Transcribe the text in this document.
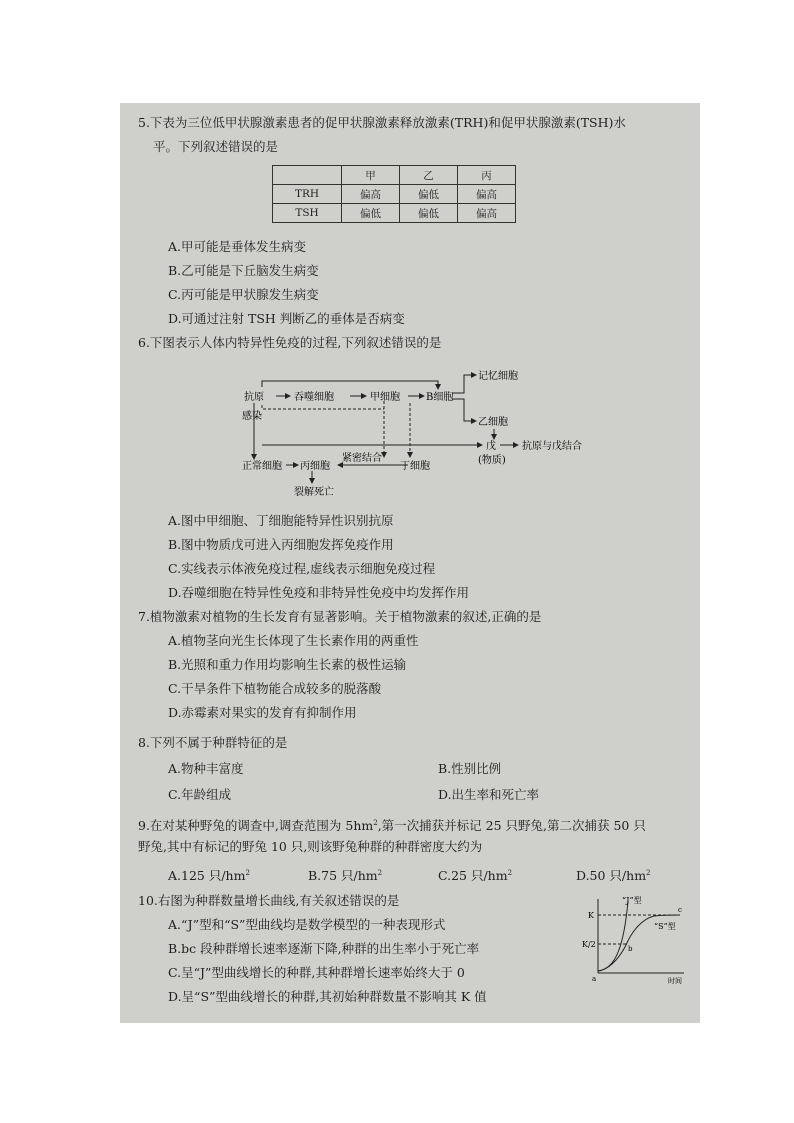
5.下表为三位低甲状腺激素患者的促甲状腺激素释放激素(TRH)和促甲状腺激素(TSH)水
平。下列叙述错误的是
	甲	乙	丙
TRH	偏高	偏低	偏高
TSH	偏低	偏低	偏高
A.甲可能是垂体发生病变
B.乙可能是下丘脑发生病变
C.丙可能是甲状腺发生病变
D.可通过注射 TSH 判断乙的垂体是否病变
6.下图表示人体内特异性免疫的过程,下列叙述错误的是
抗原	吞噬细胞	甲细胞	B细胞
记忆细胞
乙细胞
感染
戊
(物质)
抗原与戊结合
正常细胞 丙细胞
紧密结合
丁细胞
裂解死亡
A.图中甲细胞、丁细胞能特异性识别抗原
B.图中物质戊可进入丙细胞发挥免疫作用
C.实线表示体液免疫过程,虚线表示细胞免疫过程
D.吞噬细胞在特异性免疫和非特异性免疫中均发挥作用
7.植物激素对植物的生长发育有显著影响。关于植物激素的叙述,正确的是
A.植物茎向光生长体现了生长素作用的两重性
B.光照和重力作用均影响生长素的极性运输
C.干旱条件下植物能合成较多的脱落酸
D.赤霉素对果实的发育有抑制作用
8.下列不属于种群特征的是
A.物种丰富度	B.性别比例
C.年龄组成	D.出生率和死亡率
9.在对某种野兔的调查中,调查范围为 $5hm^2$,第一次捕获并标记 25 只野兔,第二次捕获 50 只
野兔,其中有标记的野兔 10 只,则该野兔种群的种群密度大约为
A.125 只$/hm^2$	B.75 只$/hm^2$	C.25 只$/hm^2$	D.50 只$/hm^2$
10.右图为种群数量增长曲线,有关叙述错误的是
A.“J”型和“S”型曲线均是数学模型的一种表现形式
B.bc 段种群增长速率逐渐下降,种群的出生率小于死亡率
C.呈“J”型曲线增长的种群,其种群增长速率始终大于 0
D.呈“S”型曲线增长的种群,其初始种群数量不影响其 K 值
“J”型
“S”型
K
K/2
a
b
c
时间
